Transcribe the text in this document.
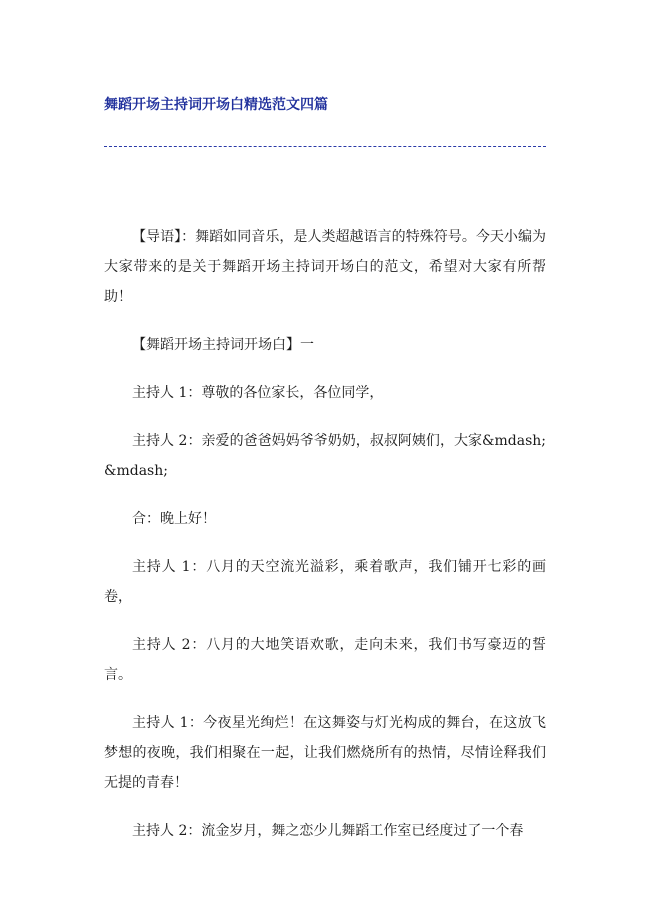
舞蹈开场主持词开场白精选范文四篇

【导语】：舞蹈如同音乐，是人类超越语言的特殊符号。今天小编为大家带来的是关于舞蹈开场主持词开场白的范文，希望对大家有所帮助！

【舞蹈开场主持词开场白】一

主持人 1：尊敬的各位家长，各位同学，

主持人 2：亲爱的爸爸妈妈爷爷奶奶，叔叔阿姨们，大家&mdash;&mdash;

合：晚上好！

主持人 1：八月的天空流光溢彩，乘着歌声，我们铺开七彩的画卷，

主持人 2：八月的大地笑语欢歌，走向未来，我们书写豪迈的誓言。

主持人 1：今夜星光绚烂！在这舞姿与灯光构成的舞台，在这放飞梦想的夜晚，我们相聚在一起，让我们燃烧所有的热情，尽情诠释我们无提的青春！

主持人 2：流金岁月，舞之恋少儿舞蹈工作室已经度过了一个春
